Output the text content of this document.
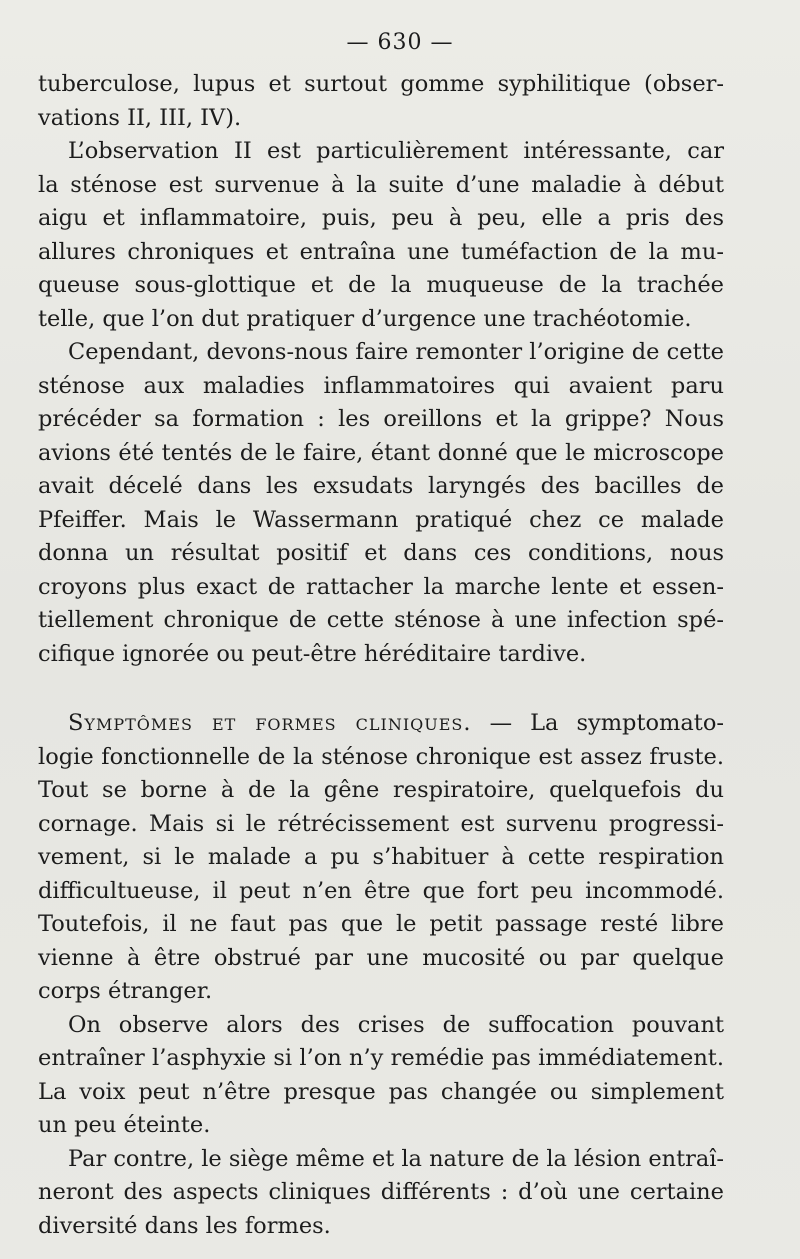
— 630 —
tuberculose, lupus et surtout gomme syphilitique (obser-
vations II, III, IV).
L’observation II est particulièrement intéressante, car
la sténose est survenue à la suite d’une maladie à début
aigu et inflammatoire, puis, peu à peu, elle a pris des
allures chroniques et entraîna une tuméfaction de la mu-
queuse sous-glottique et de la muqueuse de la trachée
telle, que l’on dut pratiquer d’urgence une trachéotomie.
Cependant, devons-nous faire remonter l’origine de cette
sténose aux maladies inflammatoires qui avaient paru
précéder sa formation : les oreillons et la grippe? Nous
avions été tentés de le faire, étant donné que le microscope
avait décelé dans les exsudats laryngés des bacilles de
Pfeiffer. Mais le Wassermann pratiqué chez ce malade
donna un résultat positif et dans ces conditions, nous
croyons plus exact de rattacher la marche lente et essen-
tiellement chronique de cette sténose à une infection spé-
cifique ignorée ou peut-être héréditaire tardive.
Symptômes et formes cliniques. — La symptomato-
logie fonctionnelle de la sténose chronique est assez fruste.
Tout se borne à de la gêne respiratoire, quelquefois du
cornage. Mais si le rétrécissement est survenu progressi-
vement, si le malade a pu s’habituer à cette respiration
difficultueuse, il peut n’en être que fort peu incommodé.
Toutefois, il ne faut pas que le petit passage resté libre
vienne à être obstrué par une mucosité ou par quelque
corps étranger.
On observe alors des crises de suffocation pouvant
entraîner l’asphyxie si l’on n’y remédie pas immédiatement.
La voix peut n’être presque pas changée ou simplement
un peu éteinte.
Par contre, le siège même et la nature de la lésion entraî-
neront des aspects cliniques différents : d’où une certaine
diversité dans les formes.
